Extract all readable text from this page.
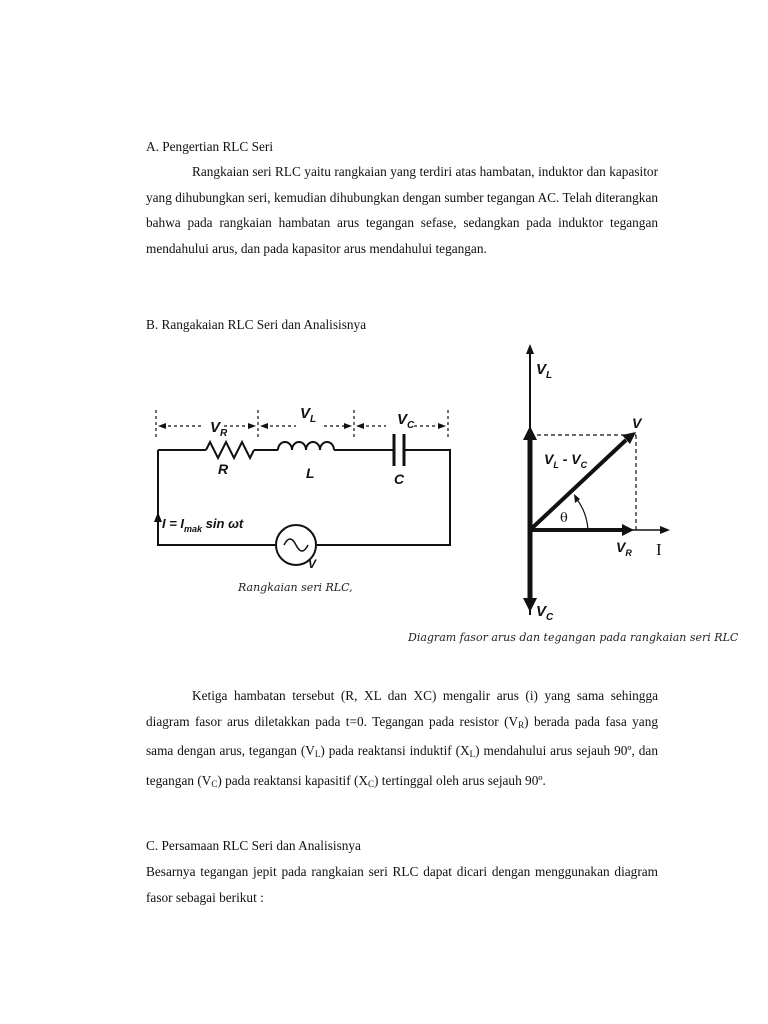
A. Pengertian RLC Seri
Rangkaian seri RLC yaitu rangkaian yang terdiri atas hambatan, induktor dan kapasitor yang dihubungkan seri, kemudian dihubungkan dengan sumber tegangan AC. Telah diterangkan bahwa pada rangkaian hambatan arus tegangan sefase, sedangkan pada induktor tegangan mendahului arus, dan pada kapasitor arus mendahului tegangan.
B. Rangakaian RLC Seri dan Analisisnya
$V_R$
$V_L$	$V_C$
R	L	C
$I = I_{mak}$ sin ωt
V
Rangkaian seri RLC,
$V_L$
V
$V_L - V_C$
θ
$V_R$ I
$V_C$
Diagram fasor arus dan tegangan pada rangkaian seri RLC
Ketiga hambatan tersebut (R, XL dan XC) mengalir arus (i) yang sama sehingga diagram fasor arus diletakkan pada t=0. Tegangan pada resistor $(V_R)$ berada pada fasa yang sama dengan arus, tegangan $(V_L)$ pada reaktansi induktif $(X_L)$ mendahului arus sejauh 90º, dan tegangan $(V_C)$ pada reaktansi kapasitif $(X_C)$ tertinggal oleh arus sejauh 90º.
C. Persamaan RLC Seri dan Analisisnya
Besarnya tegangan jepit pada rangkaian seri RLC dapat dicari dengan menggunakan diagram fasor sebagai berikut :
